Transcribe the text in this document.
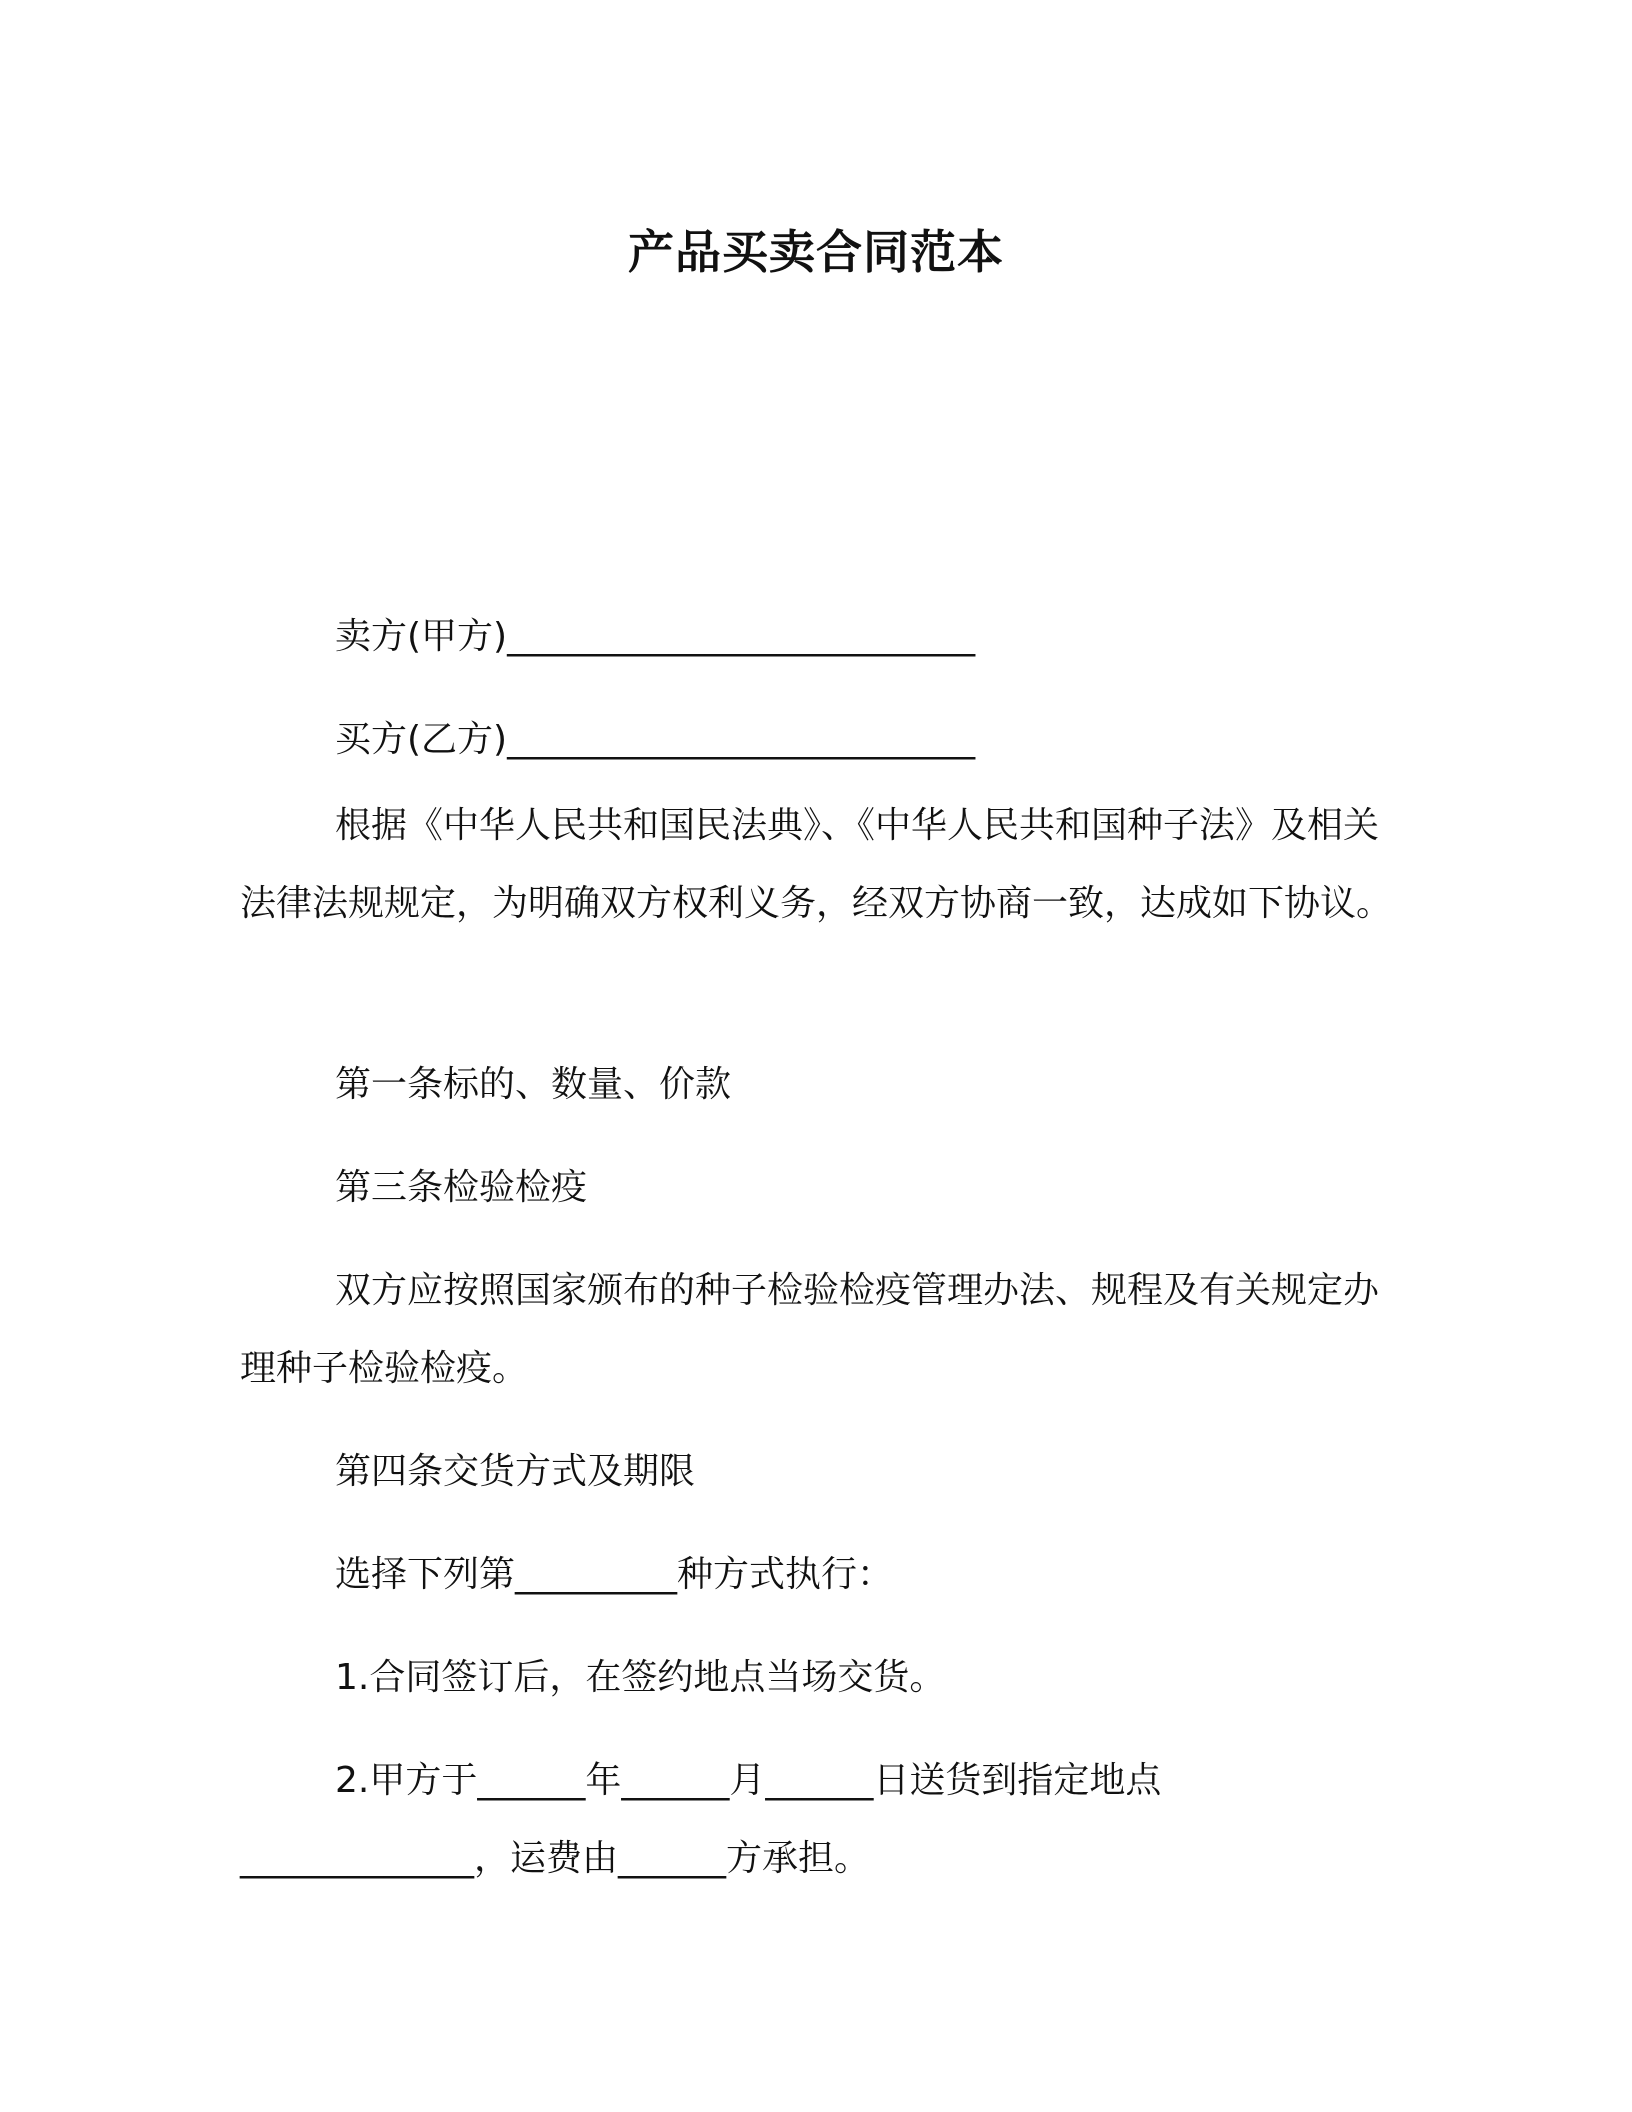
产品买卖合同范本

卖方(甲方)__________________________

买方(乙方)__________________________

根据《中华人民共和国民法典》、《中华人民共和国种子法》及相关法律法规规定，为明确双方权利义务，经双方协商一致，达成如下协议。

第一条标的、数量、价款

第三条检验检疫

双方应按照国家颁布的种子检验检疫管理办法、规程及有关规定办理种子检验检疫。

第四条交货方式及期限

选择下列第_________种方式执行：

1.合同签订后，在签约地点当场交货。

2.甲方于______年______月______日送货到指定地点_____________，运费由______方承担。
